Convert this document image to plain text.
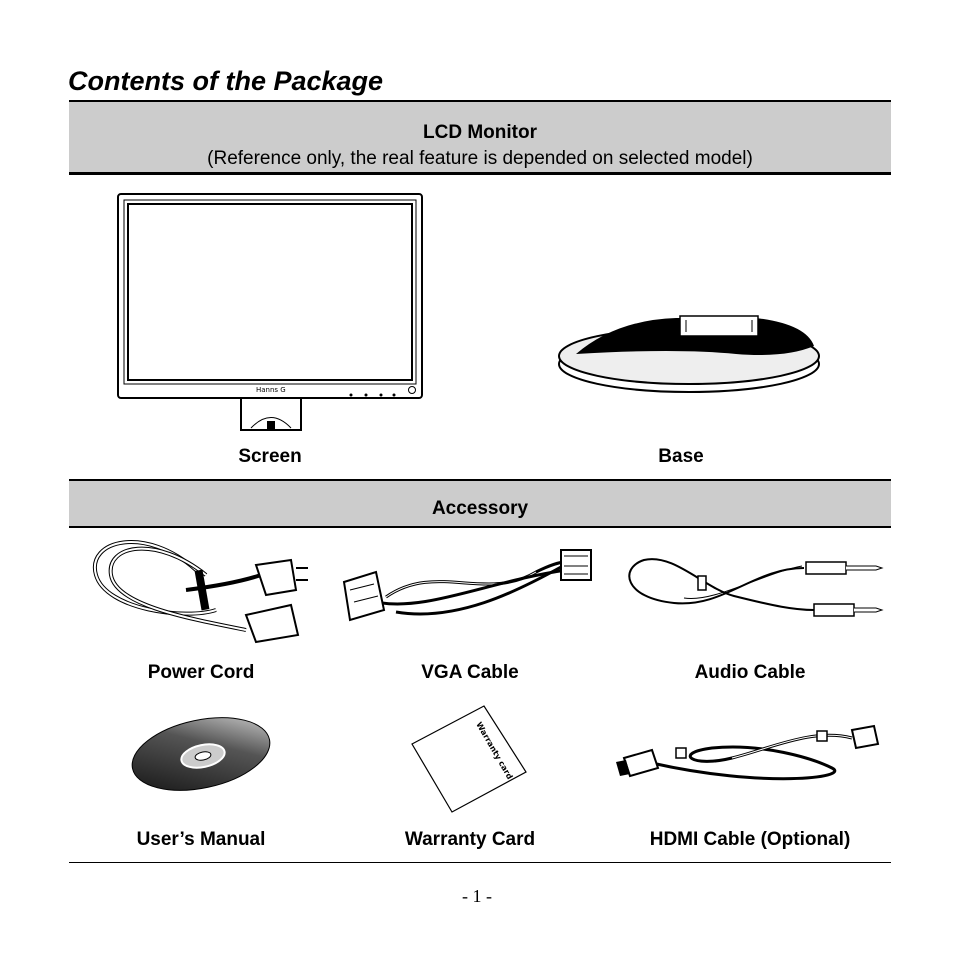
Contents of the Package
LCD Monitor
(Reference only, the real feature is depended on selected model)
Hanns G
Screen	Base
Accessory
Power Cord	VGA Cable	Audio Cable
User’s Manual
Warranty card
Warranty Card	HDMI Cable (Optional)
- 1 -
